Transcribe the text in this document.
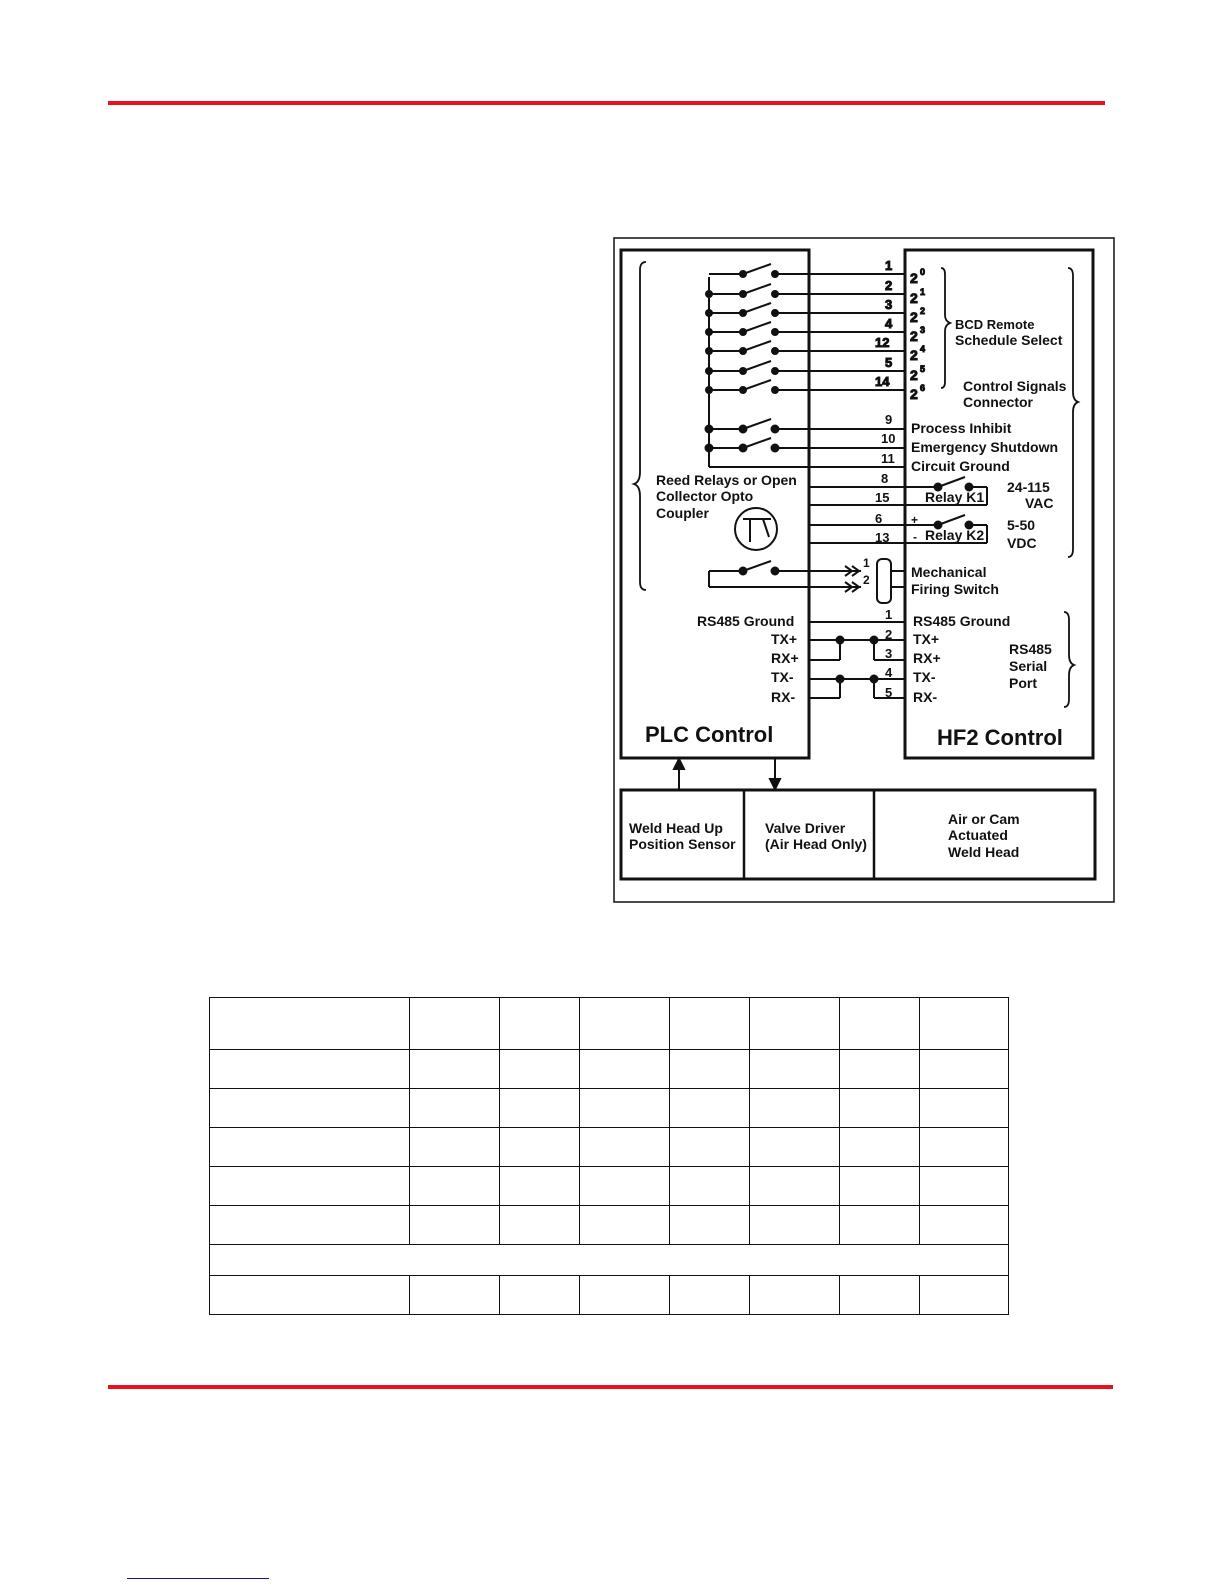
1
2 0
2
2 1
3
2 2
4
2 3
12
2 4
5
2 5
14
2 6
9
10
11
Process Inhibit
Emergency Shutdown
Circuit Ground
BCD Remote
Schedule Select
Control Signals
Connector
Reed Relays or Open
Collector Opto
Coupler
8
15	Relay K1
24-115
VAC
6
13
+
- Relay K2
5-50
VDC
1
2	Mechanical
Firing Switch
RS485 Ground	RS485 Ground
1
TX+	TX+
2
RX+	RX+
3
TX-	TX-
4
RX-	RX-
5
RS485
Serial
Port
PLC Control	HF2 Control
Weld Head Up
Position Sensor
Valve Driver
(Air Head Only)
Air or Cam
Actuated
Weld Head
